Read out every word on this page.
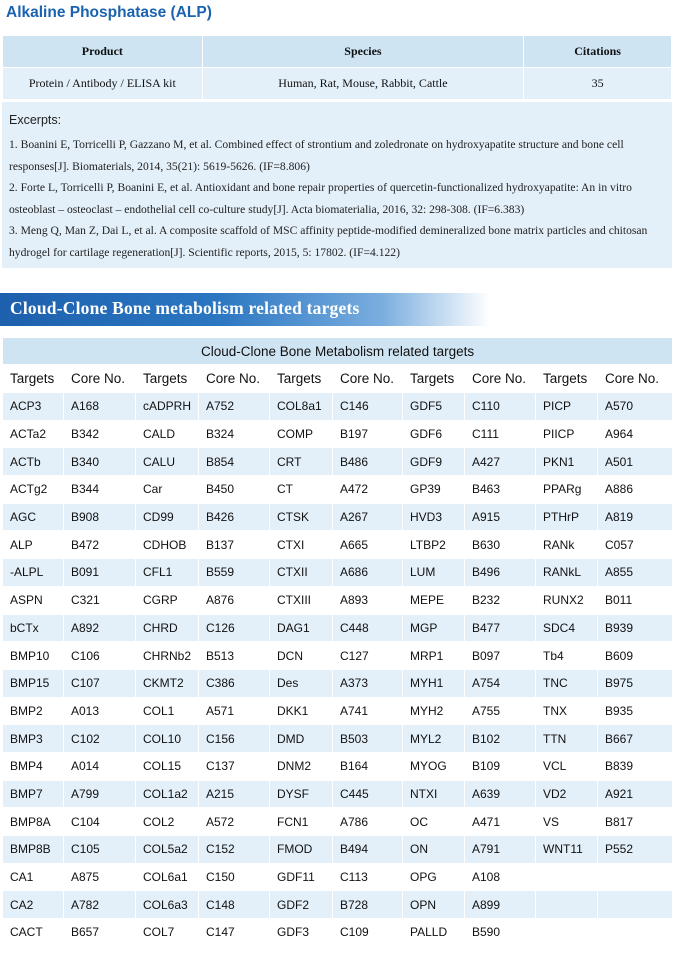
Alkaline Phosphatase (ALP)
Product	Species	Citations
Protein / Antibody / ELISA kit	Human, Rat, Mouse, Rabbit, Cattle	35
Excerpts:
1. Boanini E, Torricelli P, Gazzano M, et al. Combined effect of strontium and zoledronate on hydroxyapatite structure and bone cell responses[J]. Biomaterials, 2014, 35(21): 5619-5626. (IF=8.806)
2. Forte L, Torricelli P, Boanini E, et al. Antioxidant and bone repair properties of quercetin-functionalized hydroxyapatite: An in vitro osteoblast – osteoclast – endothelial cell co-culture study[J]. Acta biomaterialia, 2016, 32: 298-308. (IF=6.383)
3. Meng Q, Man Z, Dai L, et al. A composite scaffold of MSC affinity peptide-modified demineralized bone matrix particles and chitosan hydrogel for cartilage regeneration[J]. Scientific reports, 2015, 5: 17802. (IF=4.122)
Cloud-Clone Bone metabolism related targets
Cloud-Clone Bone Metabolism related targets									
Targets	Core No.	Targets	Core No.	Targets	Core No.	Targets	Core No.	Targets	Core No.
ACP3	A168	cADPRH	A752	COL8a1	C146	GDF5	C110	PICP	A570
ACTa2	B342	CALD	B324	COMP	B197	GDF6	C111	PIICP	A964
ACTb	B340	CALU	B854	CRT	B486	GDF9	A427	PKN1	A501
ACTg2	B344	Car	B450	CT	A472	GP39	B463	PPARg	A886
AGC	B908	CD99	B426	CTSK	A267	HVD3	A915	PTHrP	A819
ALP	B472	CDHOB	B137	CTXI	A665	LTBP2	B630	RANk	C057
-ALPL	B091	CFL1	B559	CTXII	A686	LUM	B496	RANkL	A855
ASPN	C321	CGRP	A876	CTXIII	A893	MEPE	B232	RUNX2	B011
bCTx	A892	CHRD	C126	DAG1	C448	MGP	B477	SDC4	B939
BMP10	C106	CHRNb2	B513	DCN	C127	MRP1	B097	Tb4	B609
BMP15	C107	CKMT2	C386	Des	A373	MYH1	A754	TNC	B975
BMP2	A013	COL1	A571	DKK1	A741	MYH2	A755	TNX	B935
BMP3	C102	COL10	C156	DMD	B503	MYL2	B102	TTN	B667
BMP4	A014	COL15	C137	DNM2	B164	MYOG	B109	VCL	B839
BMP7	A799	COL1a2	A215	DYSF	C445	NTXI	A639	VD2	A921
BMP8A	C104	COL2	A572	FCN1	A786	OC	A471	VS	B817
BMP8B	C105	COL5a2	C152	FMOD	B494	ON	A791	WNT11	P552
CA1	A875	COL6a1	C150	GDF11	C113	OPG	A108		
CA2	A782	COL6a3	C148	GDF2	B728	OPN	A899		
CACT	B657	COL7	C147	GDF3	C109	PALLD	B590		
